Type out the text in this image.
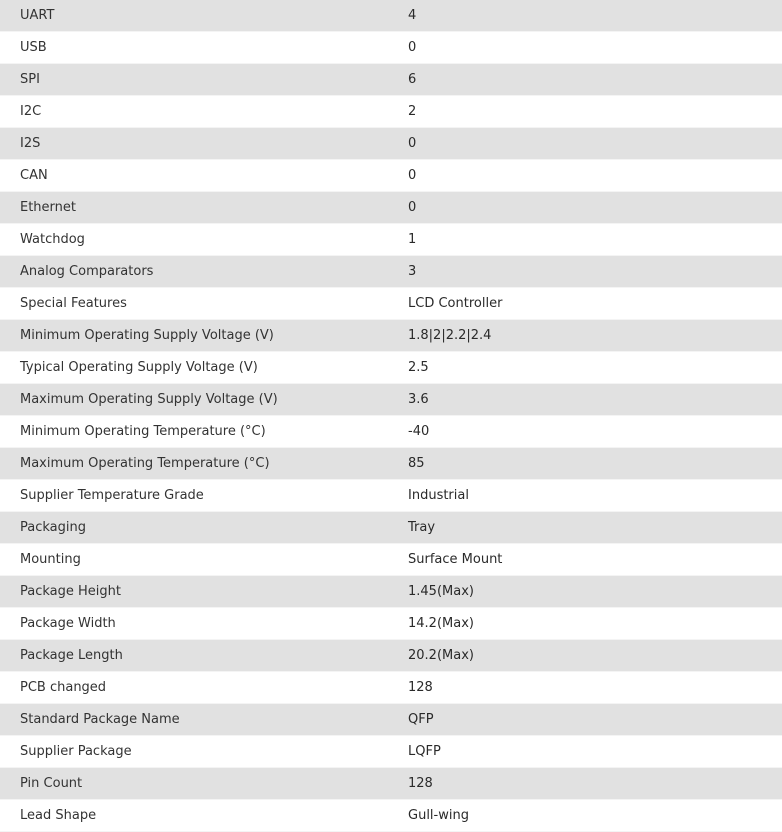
UART	4
USB	0
SPI	6
I2C	2
I2S	0
CAN	0
Ethernet	0
Watchdog	1
Analog Comparators	3
Special Features	LCD Controller
Minimum Operating Supply Voltage (V)	1.8|2|2.2|2.4
Typical Operating Supply Voltage (V)	2.5
Maximum Operating Supply Voltage (V)	3.6
Minimum Operating Temperature (°C)	-40
Maximum Operating Temperature (°C)	85
Supplier Temperature Grade	Industrial
Packaging	Tray
Mounting	Surface Mount
Package Height	1.45(Max)
Package Width	14.2(Max)
Package Length	20.2(Max)
PCB changed	128
Standard Package Name	QFP
Supplier Package	LQFP
Pin Count	128
Lead Shape	Gull-wing
